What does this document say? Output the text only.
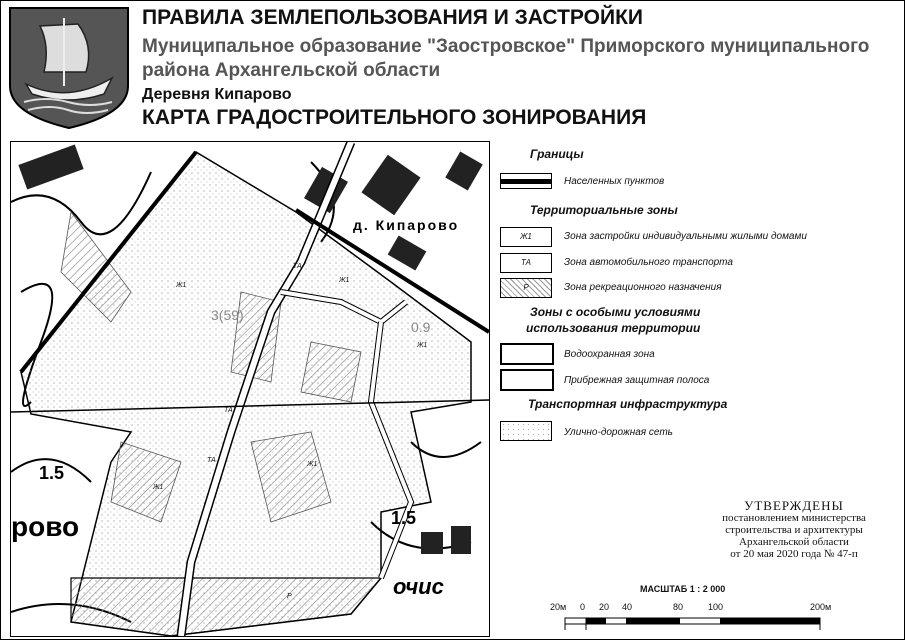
ПРАВИЛА ЗЕМЛЕПОЛЬЗОВАНИЯ И ЗАСТРОЙКИ
Муниципальное образование "Заостровское" Приморского муниципального района Архангельской области
Деревня Кипарово
КАРТА ГРАДОСТРОИТЕЛЬНОГО ЗОНИРОВАНИЯ
Ж1
Ж1
Ж1
Ж1
Ж1
ТА
ТА
ТА
Р
д. Кипарово
1.5
1.5
рово
очис
3(59)
0.9
Границы
Населенных пунктов
Территориальные зоны
Ж1	Зона застройки индивидуальными жилыми домами
ТА	Зона автомобильного транспорта
Р	Зона рекреационного назначения
Зоны с особыми условиями
использования территории
Водоохранная зона
Прибрежная защитная полоса
Транспортная инфраструктура
Улично-дорожная сеть
УТВЕРЖДЕНЫ
постановлением министерства
строительства и архитектуры
Архангельской области
от 20 мая 2020 года № 47-п
МАСШТАБ 1 : 2 000
20м 0 20 40	80	100	200м
